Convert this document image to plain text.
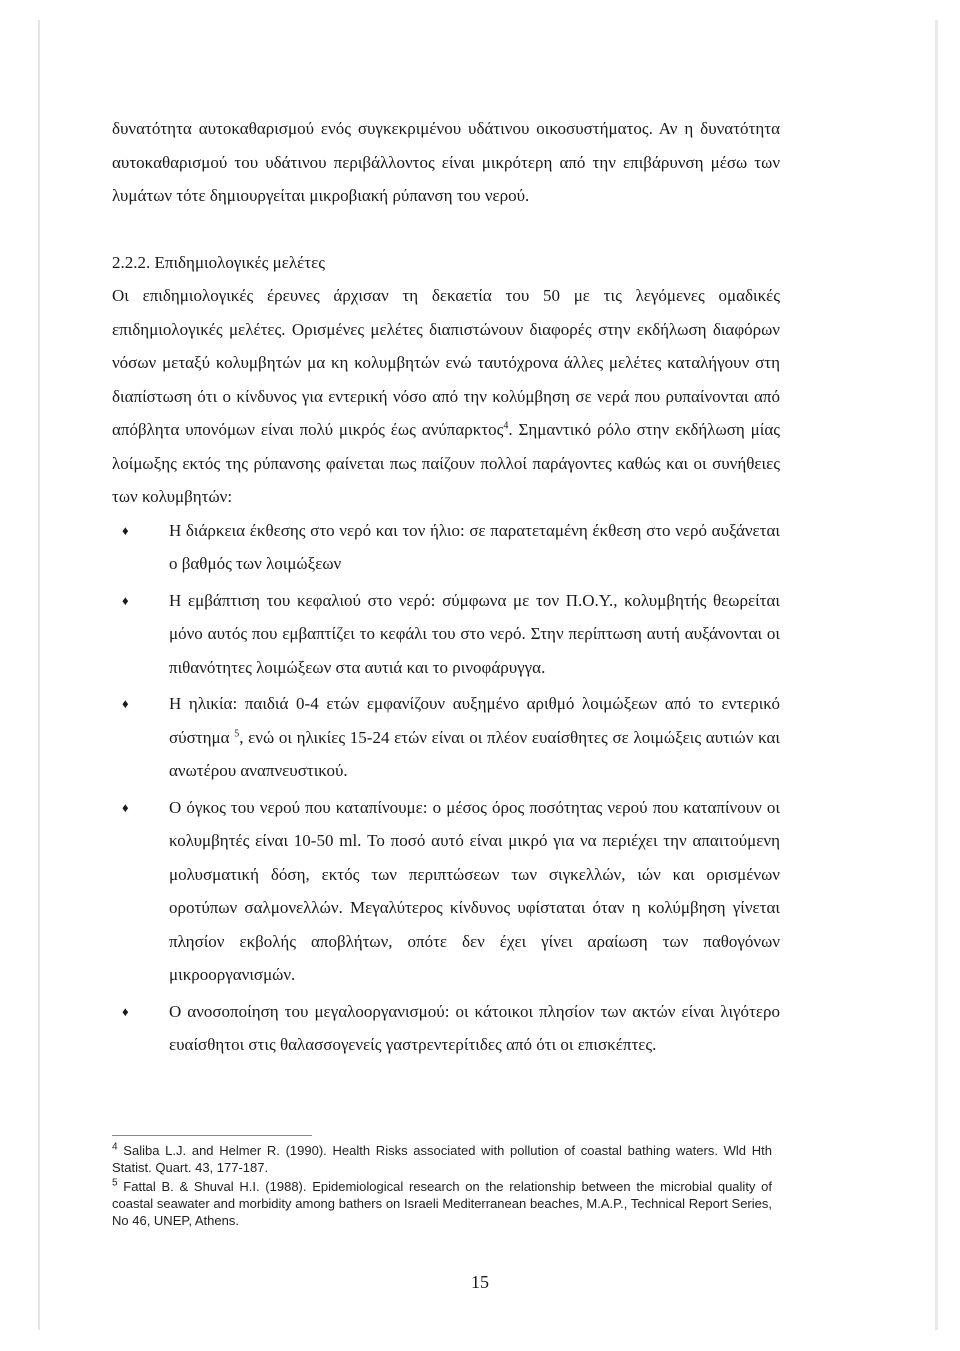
δυνατότητα αυτοκαθαρισμού ενός συγκεκριμένου υδάτινου οικοσυστήματος. Αν η δυνατότητα αυτοκαθαρισμού του υδάτινου περιβάλλοντος είναι μικρότερη από την επιβάρυνση μέσω των λυμάτων τότε δημιουργείται μικροβιακή ρύπανση του νερού.

2.2.2. Επιδημιολογικές μελέτες

Οι επιδημιολογικές έρευνες άρχισαν τη δεκαετία του 50 με τις λεγόμενες ομαδικές επιδημιολογικές μελέτες. Ορισμένες μελέτες διαπιστώνουν διαφορές στην εκδήλωση διαφόρων νόσων μεταξύ κολυμβητών μα κη κολυμβητών ενώ ταυτόχρονα άλλες μελέτες καταλήγουν στη διαπίστωση ότι ο κίνδυνος για εντερική νόσο από την κολύμβηση σε νερά που ρυπαίνονται από απόβλητα υπονόμων είναι πολύ μικρός έως ανύπαρκτος$^4$. Σημαντικό ρόλο στην εκδήλωση μίας λοίμωξης εκτός της ρύπανσης φαίνεται πως παίζουν πολλοί παράγοντες καθώς και οι συνήθειες των κολυμβητών:

♦ Η διάρκεια έκθεσης στο νερό και τον ήλιο: σε παρατεταμένη έκθεση στο νερό αυξάνεται ο βαθμός των λοιμώξεων
♦ Η εμβάπτιση του κεφαλιού στο νερό: σύμφωνα με τον Π.Ο.Υ., κολυμβητής θεωρείται μόνο αυτός που εμβαπτίζει το κεφάλι του στο νερό. Στην περίπτωση αυτή αυξάνονται οι πιθανότητες λοιμώξεων στα αυτιά και το ρινοφάρυγγα.
♦ Η ηλικία: παιδιά 0-4 ετών εμφανίζουν αυξημένο αριθμό λοιμώξεων από το εντερικό σύστημα $^5$, ενώ οι ηλικίες 15-24 ετών είναι οι πλέον ευαίσθητες σε λοιμώξεις αυτιών και ανωτέρου αναπνευστικού.
♦ Ο όγκος του νερού που καταπίνουμε: ο μέσος όρος ποσότητας νερού που καταπίνουν οι κολυμβητές είναι 10-50 ml. Το ποσό αυτό είναι μικρό για να περιέχει την απαιτούμενη μολυσματική δόση, εκτός των περιπτώσεων των σιγκελλών, ιών και ορισμένων οροτύπων σαλμονελλών. Μεγαλύτερος κίνδυνος υφίσταται όταν η κολύμβηση γίνεται πλησίον εκβολής αποβλήτων, οπότε δεν έχει γίνει αραίωση των παθογόνων μικροοργανισμών.
♦ Ο ανοσοποίηση του μεγαλοοργανισμού: οι κάτοικοι πλησίον των ακτών είναι λιγότερο ευαίσθητοι στις θαλασσογενείς γαστρεντερίτιδες από ότι οι επισκέπτες.

$^4$ Saliba L.J. and Helmer R. (1990). Health Risks associated with pollution of coastal bathing waters. Wld Hth Statist. Quart. 43, 177-187.

$^5$ Fattal B. & Shuval H.I. (1988). Epidemiological research on the relationship between the microbial quality of coastal seawater and morbidity among bathers on Israeli Mediterranean beaches, M.A.P., Technical Report Series, No 46, UNEP, Athens.

15
